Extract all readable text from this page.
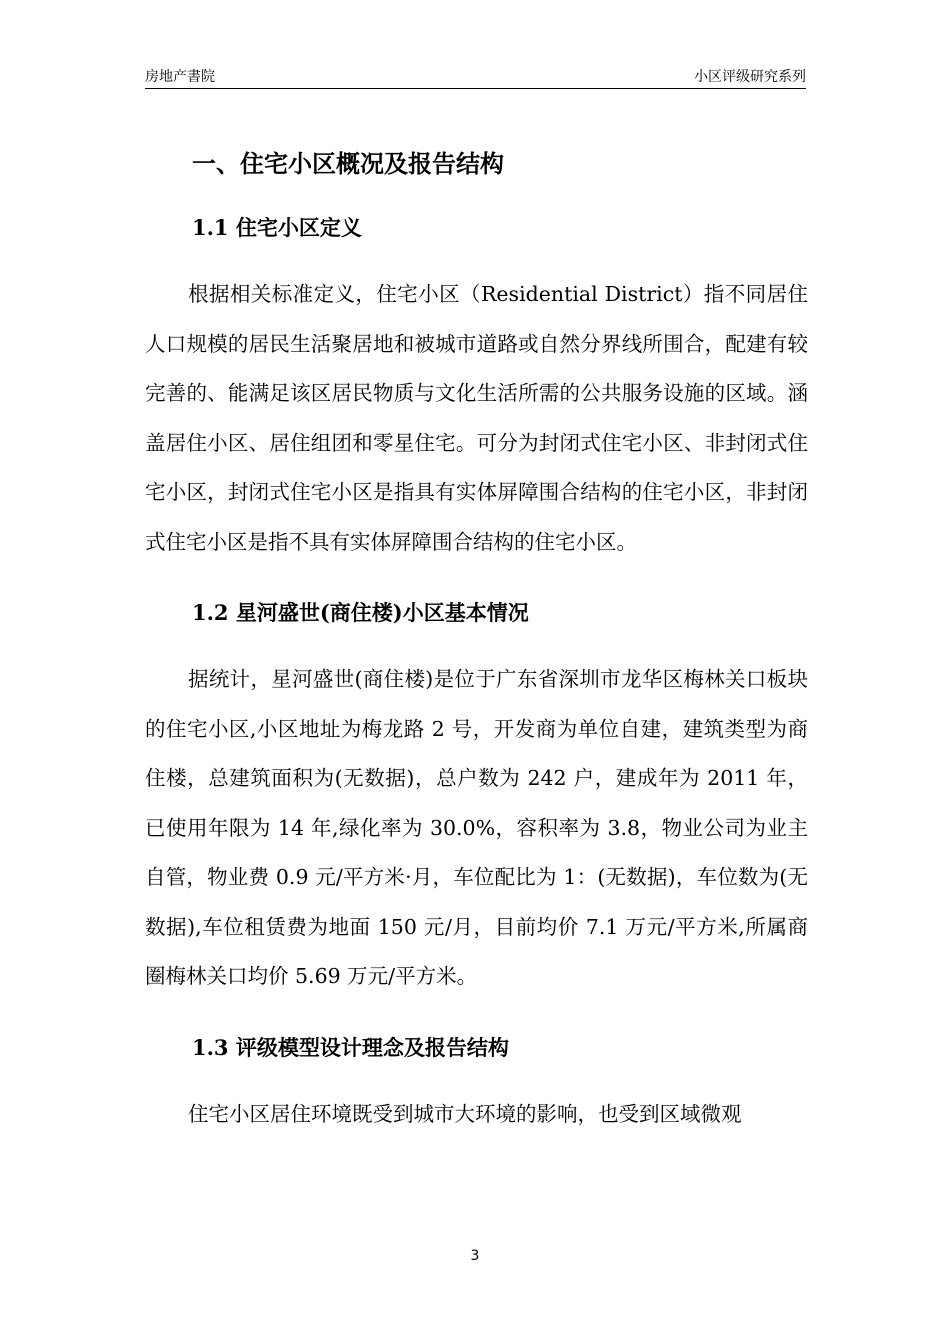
房地产書院	小区评级研究系列
一、住宅小区概况及报告结构
1.1 住宅小区定义

根据相关标准定义，住宅小区（Residential District）指不同居住人口规模的居民生活聚居地和被城市道路或自然分界线所围合，配建有较完善的、能满足该区居民物质与文化生活所需的公共服务设施的区域。涵盖居住小区、居住组团和零星住宅。可分为封闭式住宅小区、非封闭式住宅小区，封闭式住宅小区是指具有实体屏障围合结构的住宅小区，非封闭式住宅小区是指不具有实体屏障围合结构的住宅小区。

1.2 星河盛世(商住楼)小区基本情况

据统计，星河盛世(商住楼)是位于广东省深圳市龙华区梅林关口板块的住宅小区,小区地址为梅龙路 2 号，开发商为单位自建，建筑类型为商住楼，总建筑面积为(无数据)，总户数为 242 户，建成年为 2011 年，已使用年限为 14 年,绿化率为 30.0%，容积率为 3.8，物业公司为业主自管，物业费 0.9 元/平方米·月，车位配比为 1：(无数据)，车位数为(无数据),车位租赁费为地面 150 元/月，目前均价 7.1 万元/平方米,所属商圈梅林关口均价 5.69 万元/平方米。

1.3 评级模型设计理念及报告结构

住宅小区居住环境既受到城市大环境的影响，也受到区域微观

3
